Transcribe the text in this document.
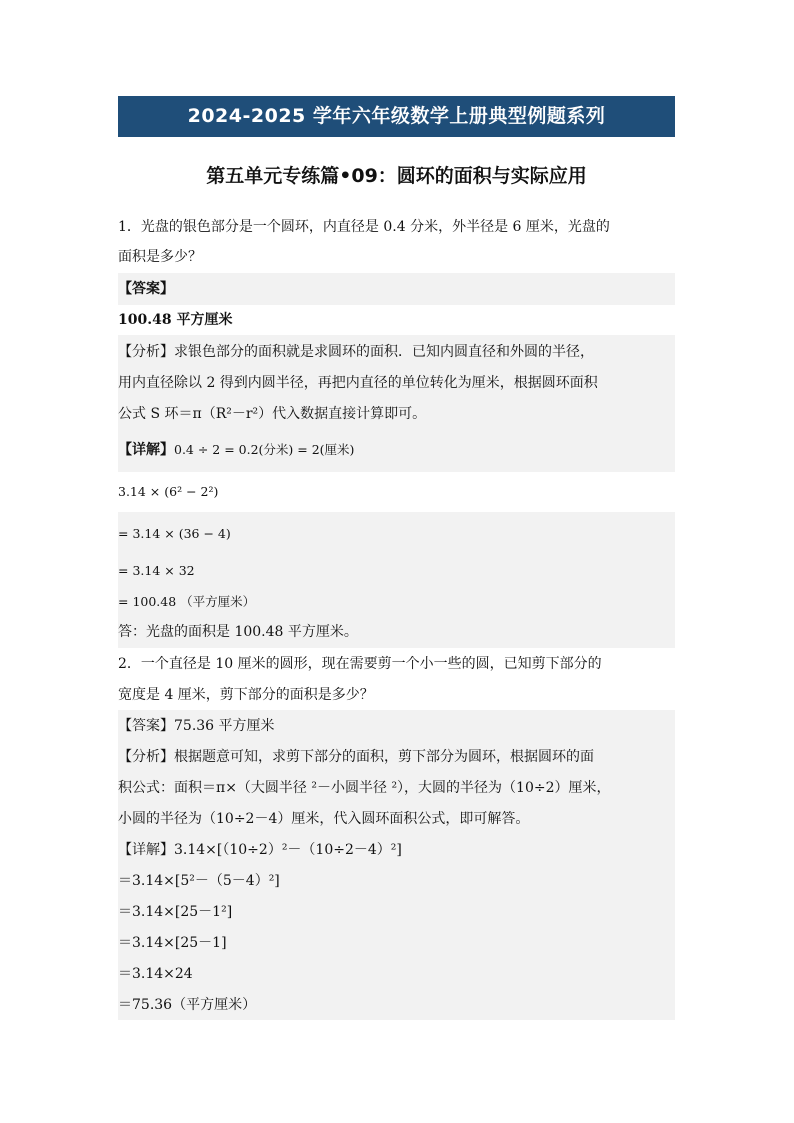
2024-2025 学年六年级数学上册典型例题系列
第五单元专练篇•09：圆环的面积与实际应用
1．光盘的银色部分是一个圆环，内直径是 0.4 分米，外半径是 6 厘米，光盘的
面积是多少？
【答案】
100.48 平方厘米
【分析】求银色部分的面积就是求圆环的面积．已知内圆直径和外圆的半径，
用内直径除以 2 得到内圆半径，再把内直径的单位转化为厘米，根据圆环面积
公式 S 环＝π（R²－r²）代入数据直接计算即可。
【详解】0.4 ÷ 2 = 0.2(分米) = 2(厘米)
3.14 × (6² − 2²)
= 3.14 × (36 − 4)
= 3.14 × 32
= 100.48 （平方厘米）
答：光盘的面积是 100.48 平方厘米。
2．一个直径是 10 厘米的圆形，现在需要剪一个小一些的圆，已知剪下部分的
宽度是 4 厘米，剪下部分的面积是多少？
【答案】75.36 平方厘米
【分析】根据题意可知，求剪下部分的面积，剪下部分为圆环，根据圆环的面
积公式：面积＝π×（大圆半径 ²－小圆半径 ²），大圆的半径为（10÷2）厘米，
小圆的半径为（10÷2－4）厘米，代入圆环面积公式，即可解答。
【详解】3.14×[（10÷2）²－（10÷2－4）²]
＝3.14×[5²－（5－4）²]
＝3.14×[25－1²]
＝3.14×[25－1]
＝3.14×24
＝75.36（平方厘米）
